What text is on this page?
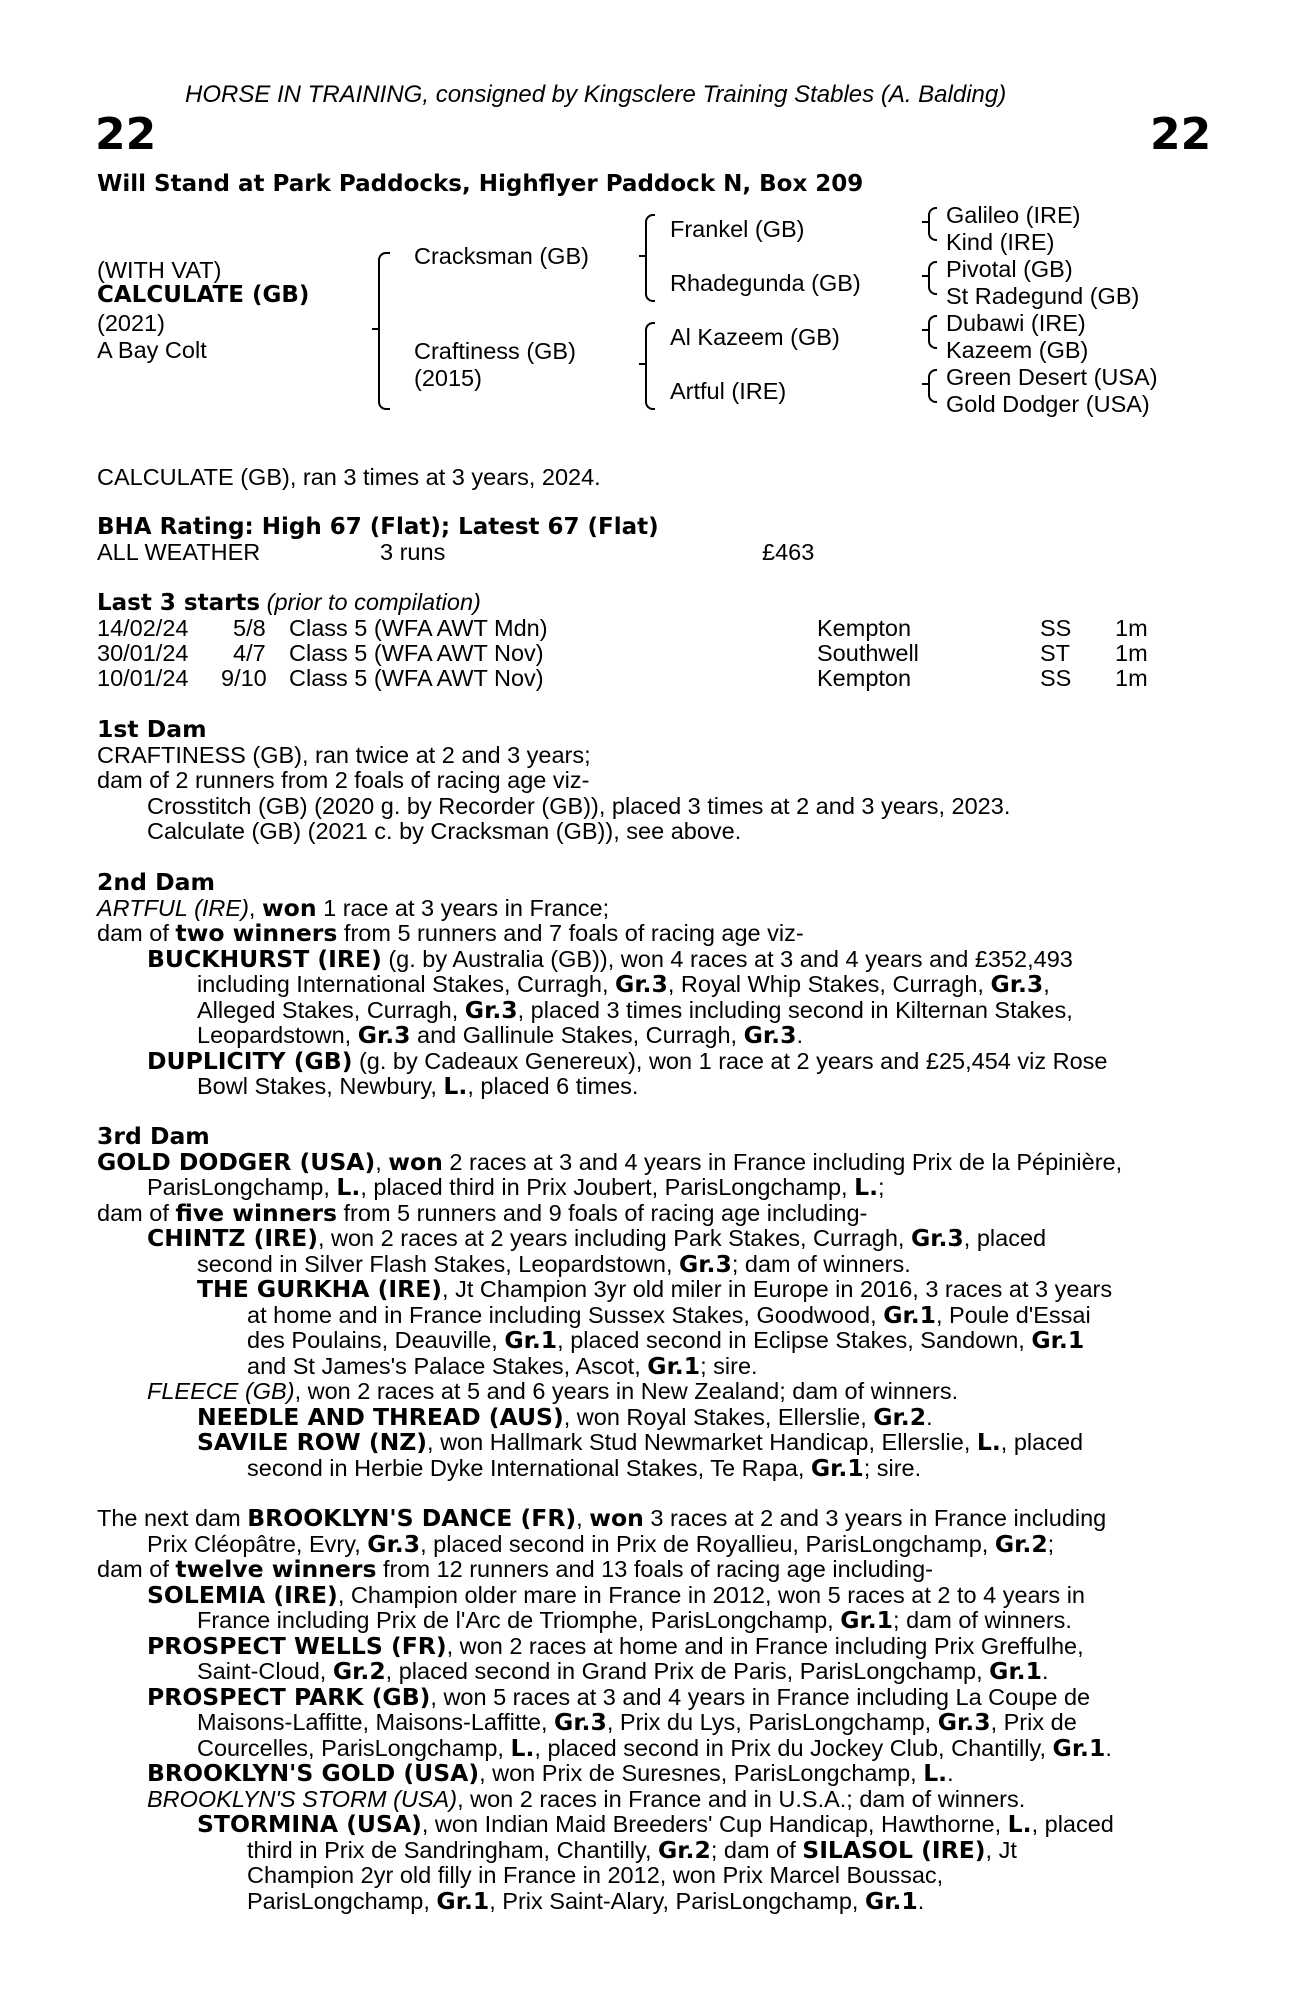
HORSE IN TRAINING, consigned by Kingsclere Training Stables (A. Balding)
22	22
Will Stand at Park Paddocks, Highflyer Paddock N, Box 209
(WITH VAT)
CALCULATE (GB)
(2021)
A Bay Colt
Cracksman (GB)
Craftiness (GB)
(2015)
Frankel (GB)
Rhadegunda (GB)
Al Kazeem (GB)
Artful (IRE)
Galileo (IRE)
Kind (IRE)
Pivotal (GB)
St Radegund (GB)
Dubawi (IRE)
Kazeem (GB)
Green Desert (USA)
Gold Dodger (USA)
CALCULATE (GB), ran 3 times at 3 years, 2024.
BHA Rating: High 67 (Flat); Latest 67 (Flat)
ALL WEATHER	3 runs	£463
Last 3 starts (prior to compilation)
14/02/24 5/8 Class 5 (WFA AWT Mdn)	Kempton	SS 1m
30/01/24 4/7 Class 5 (WFA AWT Nov)	Southwell	ST 1m
10/01/24 9/10 Class 5 (WFA AWT Nov)	Kempton	SS 1m
1st Dam
CRAFTINESS (GB), ran twice at 2 and 3 years;
dam of 2 runners from 2 foals of racing age viz-
Crosstitch (GB) (2020 g. by Recorder (GB)), placed 3 times at 2 and 3 years, 2023.
Calculate (GB) (2021 c. by Cracksman (GB)), see above.
2nd Dam
ARTFUL (IRE), won 1 race at 3 years in France;
dam of two winners from 5 runners and 7 foals of racing age viz-
BUCKHURST (IRE) (g. by Australia (GB)), won 4 races at 3 and 4 years and £352,493
including International Stakes, Curragh, Gr.3, Royal Whip Stakes, Curragh, Gr.3,
Alleged Stakes, Curragh, Gr.3, placed 3 times including second in Kilternan Stakes,
Leopardstown, Gr.3 and Gallinule Stakes, Curragh, Gr.3.
DUPLICITY (GB) (g. by Cadeaux Genereux), won 1 race at 2 years and £25,454 viz Rose
Bowl Stakes, Newbury, L., placed 6 times.
3rd Dam
GOLD DODGER (USA), won 2 races at 3 and 4 years in France including Prix de la Pépinière,
ParisLongchamp, L., placed third in Prix Joubert, ParisLongchamp, L.;
dam of five winners from 5 runners and 9 foals of racing age including-
CHINTZ (IRE), won 2 races at 2 years including Park Stakes, Curragh, Gr.3, placed
second in Silver Flash Stakes, Leopardstown, Gr.3; dam of winners.
THE GURKHA (IRE), Jt Champion 3yr old miler in Europe in 2016, 3 races at 3 years
at home and in France including Sussex Stakes, Goodwood, Gr.1, Poule d'Essai
des Poulains, Deauville, Gr.1, placed second in Eclipse Stakes, Sandown, Gr.1
and St James's Palace Stakes, Ascot, Gr.1; sire.
FLEECE (GB), won 2 races at 5 and 6 years in New Zealand; dam of winners.
NEEDLE AND THREAD (AUS), won Royal Stakes, Ellerslie, Gr.2.
SAVILE ROW (NZ), won Hallmark Stud Newmarket Handicap, Ellerslie, L., placed
second in Herbie Dyke International Stakes, Te Rapa, Gr.1; sire.
The next dam BROOKLYN'S DANCE (FR), won 3 races at 2 and 3 years in France including
Prix Cléopâtre, Evry, Gr.3, placed second in Prix de Royallieu, ParisLongchamp, Gr.2;
dam of twelve winners from 12 runners and 13 foals of racing age including-
SOLEMIA (IRE), Champion older mare in France in 2012, won 5 races at 2 to 4 years in
France including Prix de l'Arc de Triomphe, ParisLongchamp, Gr.1; dam of winners.
PROSPECT WELLS (FR), won 2 races at home and in France including Prix Greffulhe,
Saint-Cloud, Gr.2, placed second in Grand Prix de Paris, ParisLongchamp, Gr.1.
PROSPECT PARK (GB), won 5 races at 3 and 4 years in France including La Coupe de
Maisons-Laffitte, Maisons-Laffitte, Gr.3, Prix du Lys, ParisLongchamp, Gr.3, Prix de
Courcelles, ParisLongchamp, L., placed second in Prix du Jockey Club, Chantilly, Gr.1.
BROOKLYN'S GOLD (USA), won Prix de Suresnes, ParisLongchamp, L..
BROOKLYN'S STORM (USA), won 2 races in France and in U.S.A.; dam of winners.
STORMINA (USA), won Indian Maid Breeders' Cup Handicap, Hawthorne, L., placed
third in Prix de Sandringham, Chantilly, Gr.2; dam of SILASOL (IRE), Jt
Champion 2yr old filly in France in 2012, won Prix Marcel Boussac,
ParisLongchamp, Gr.1, Prix Saint-Alary, ParisLongchamp, Gr.1.
